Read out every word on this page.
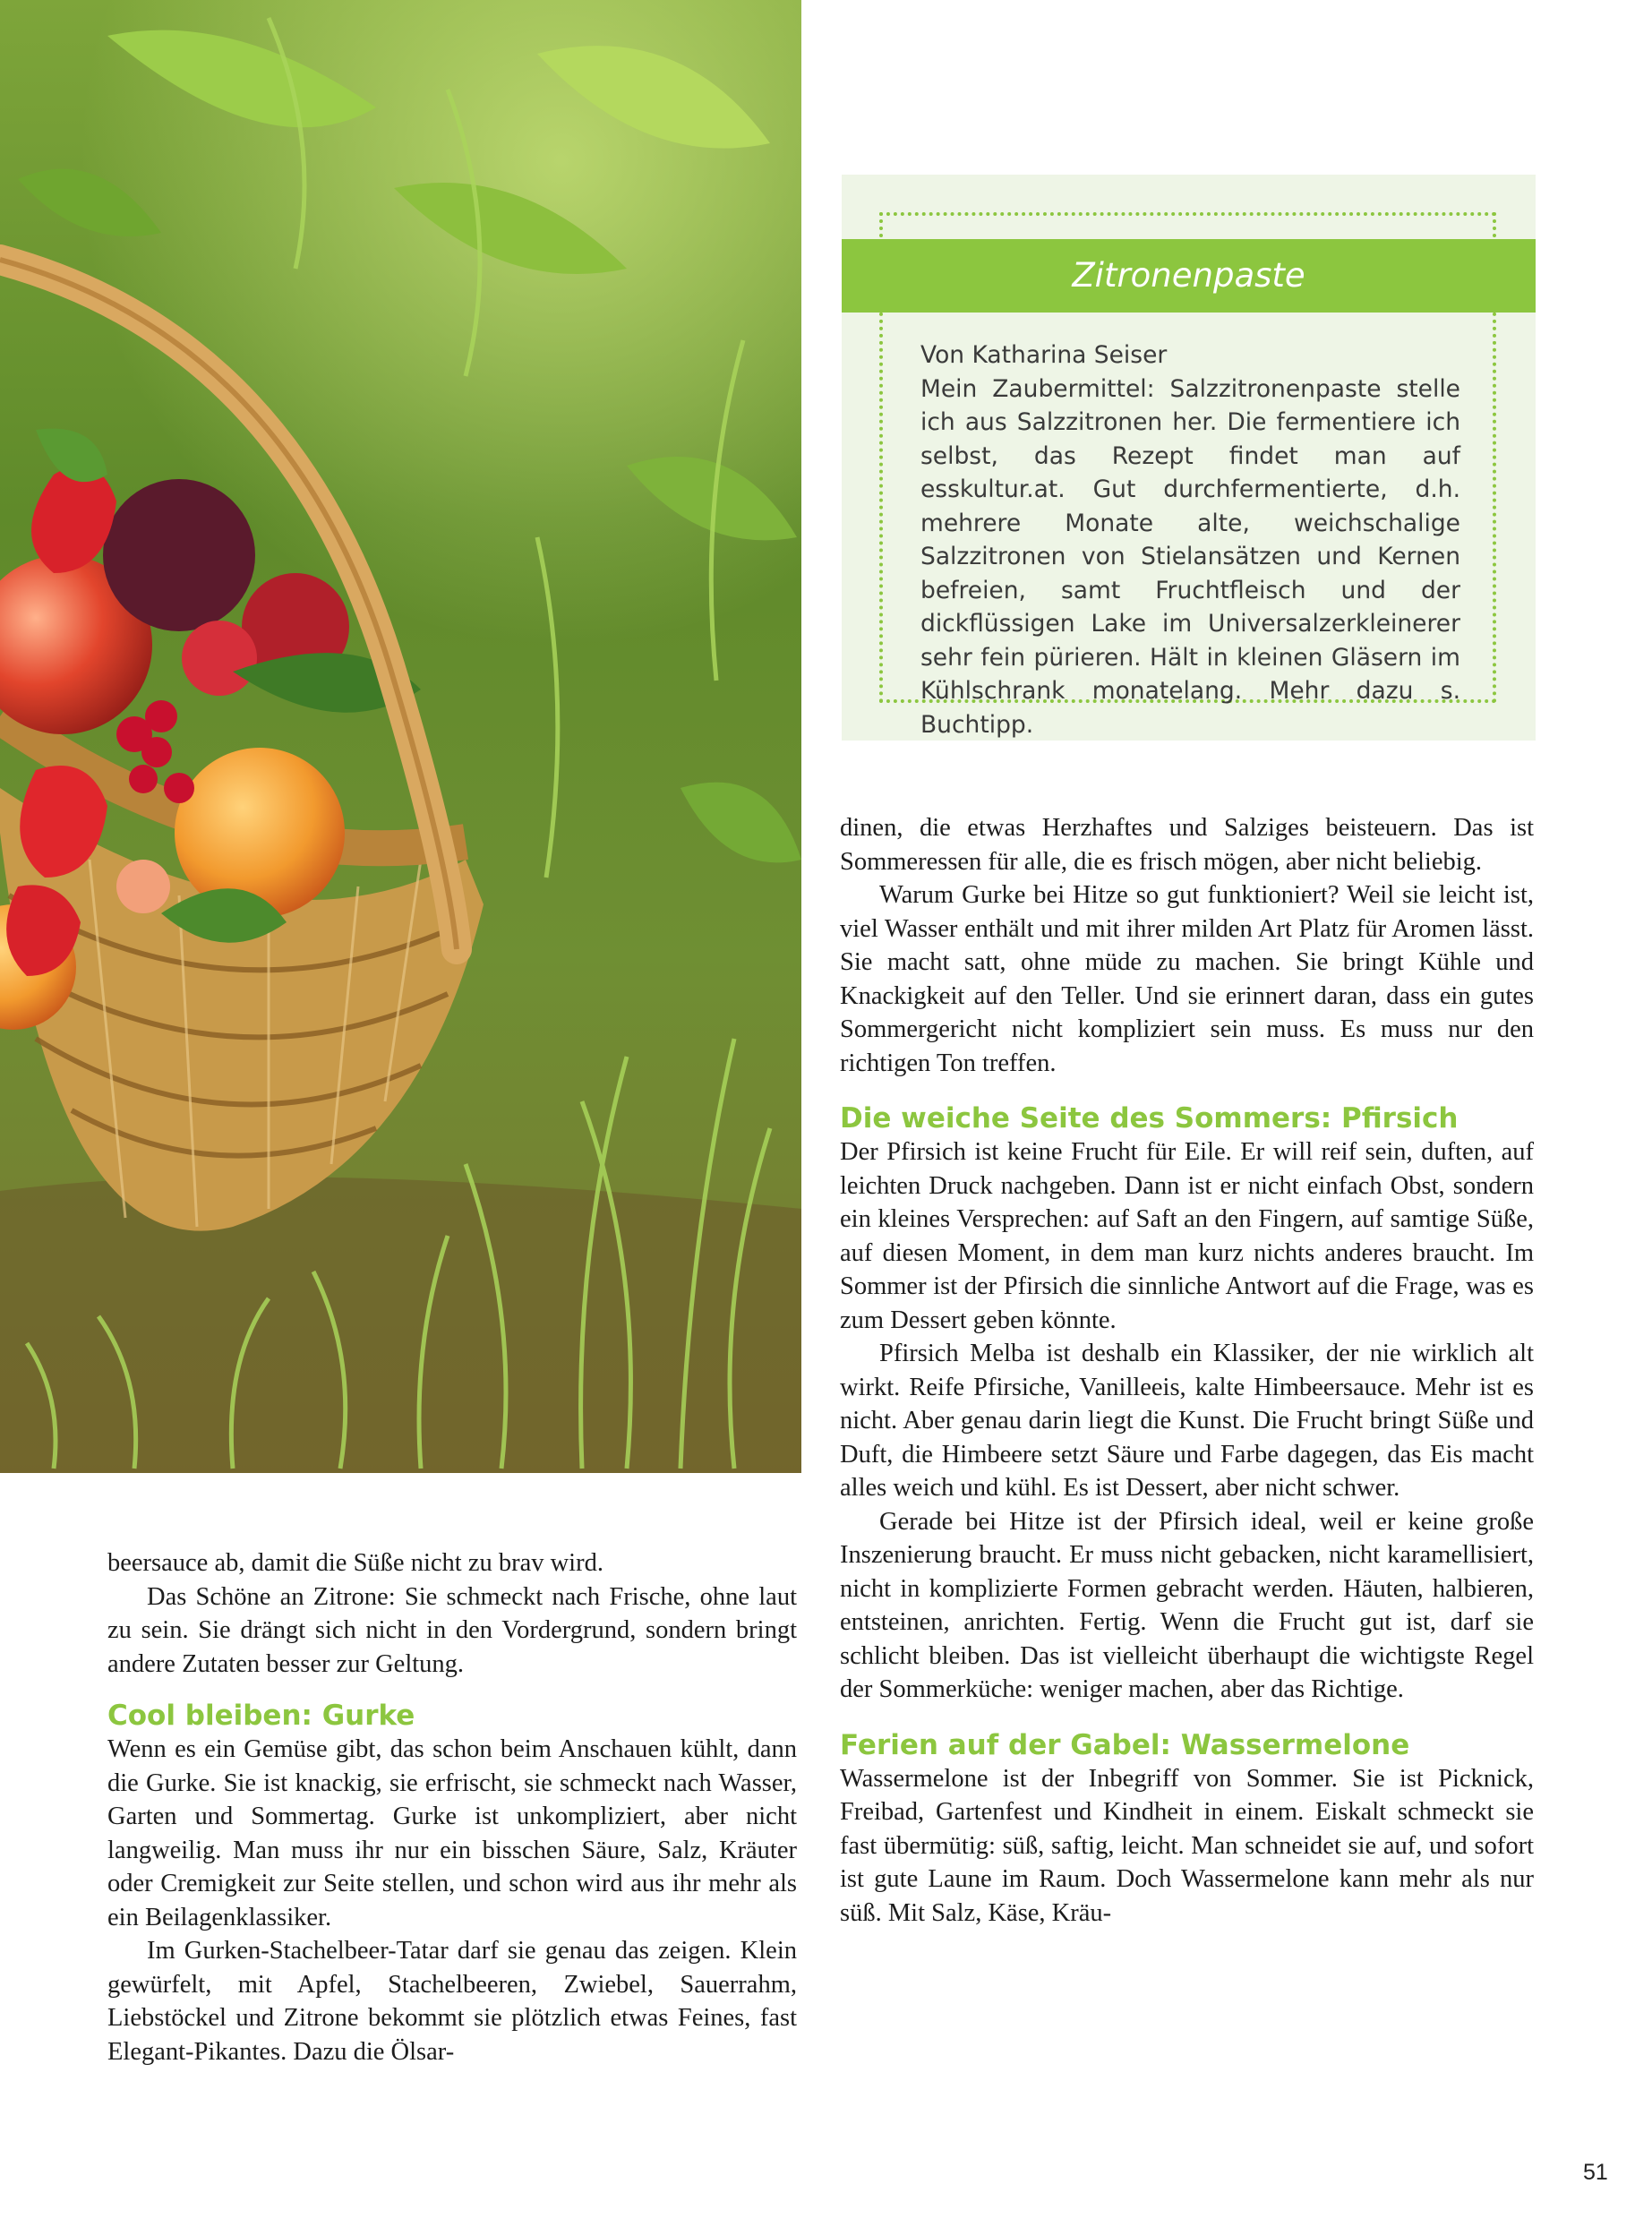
Zitronenpaste

Von Katharina Seiser

Mein Zaubermittel: Salzzitronenpaste stelle ich aus Salzzitronen her. Die fermentiere ich selbst, das Rezept findet man auf esskultur.at. Gut durchfermentierte, d.h. mehrere Monate alte, weichschalige Salzzitronen von Stielansätzen und Kernen befreien, samt Fruchtfleisch und der dickflüssigen Lake im Universalzerkleinerer sehr fein pürieren. Hält in kleinen Gläsern im Kühlschrank monatelang. Mehr dazu s. Buchtipp.

beersauce ab, damit die Süße nicht zu brav wird.

Das Schöne an Zitrone: Sie schmeckt nach Frische, ohne laut zu sein. Sie drängt sich nicht in den Vordergrund, sondern bringt andere Zutaten besser zur Geltung.

Cool bleiben: Gurke

Wenn es ein Gemüse gibt, das schon beim Anschauen kühlt, dann die Gurke. Sie ist knackig, sie erfrischt, sie schmeckt nach Wasser, Garten und Sommertag. Gurke ist unkompliziert, aber nicht langweilig. Man muss ihr nur ein bisschen Säure, Salz, Kräuter oder Cremigkeit zur Seite stellen, und schon wird aus ihr mehr als ein Beilagenklassiker.

Im Gurken-Stachelbeer-Tatar darf sie genau das zeigen. Klein gewürfelt, mit Apfel, Stachelbeeren, Zwiebel, Sauerrahm, Liebstöckel und Zitrone bekommt sie plötzlich etwas Feines, fast Elegant-Pikantes. Dazu die Ölsar-

dinen, die etwas Herzhaftes und Salziges beisteuern. Das ist Sommeressen für alle, die es frisch mögen, aber nicht beliebig.

Warum Gurke bei Hitze so gut funktioniert? Weil sie leicht ist, viel Wasser enthält und mit ihrer milden Art Platz für Aromen lässt. Sie macht satt, ohne müde zu machen. Sie bringt Kühle und Knackigkeit auf den Teller. Und sie erinnert daran, dass ein gutes Sommergericht nicht kompliziert sein muss. Es muss nur den richtigen Ton treffen.

Die weiche Seite des Sommers: Pfirsich

Der Pfirsich ist keine Frucht für Eile. Er will reif sein, duften, auf leichten Druck nachgeben. Dann ist er nicht einfach Obst, sondern ein kleines Versprechen: auf Saft an den Fingern, auf samtige Süße, auf diesen Moment, in dem man kurz nichts anderes braucht. Im Sommer ist der Pfirsich die sinnliche Antwort auf die Frage, was es zum Dessert geben könnte.

Pfirsich Melba ist deshalb ein Klassiker, der nie wirklich alt wirkt. Reife Pfirsiche, Vanilleeis, kalte Himbeersauce. Mehr ist es nicht. Aber genau darin liegt die Kunst. Die Frucht bringt Süße und Duft, die Himbeere setzt Säure und Farbe dagegen, das Eis macht alles weich und kühl. Es ist Dessert, aber nicht schwer.

Gerade bei Hitze ist der Pfirsich ideal, weil er keine große Inszenierung braucht. Er muss nicht gebacken, nicht karamellisiert, nicht in komplizierte Formen gebracht werden. Häuten, halbieren, entsteinen, anrichten. Fertig. Wenn die Frucht gut ist, darf sie schlicht bleiben. Das ist vielleicht überhaupt die wichtigste Regel der Sommerküche: weniger machen, aber das Richtige.

Ferien auf der Gabel: Wassermelone

Wassermelone ist der Inbegriff von Sommer. Sie ist Picknick, Freibad, Gartenfest und Kindheit in einem. Eiskalt schmeckt sie fast übermütig: süß, saftig, leicht. Man schneidet sie auf, und sofort ist gute Laune im Raum. Doch Wassermelone kann mehr als nur süß. Mit Salz, Käse, Kräu-

51
